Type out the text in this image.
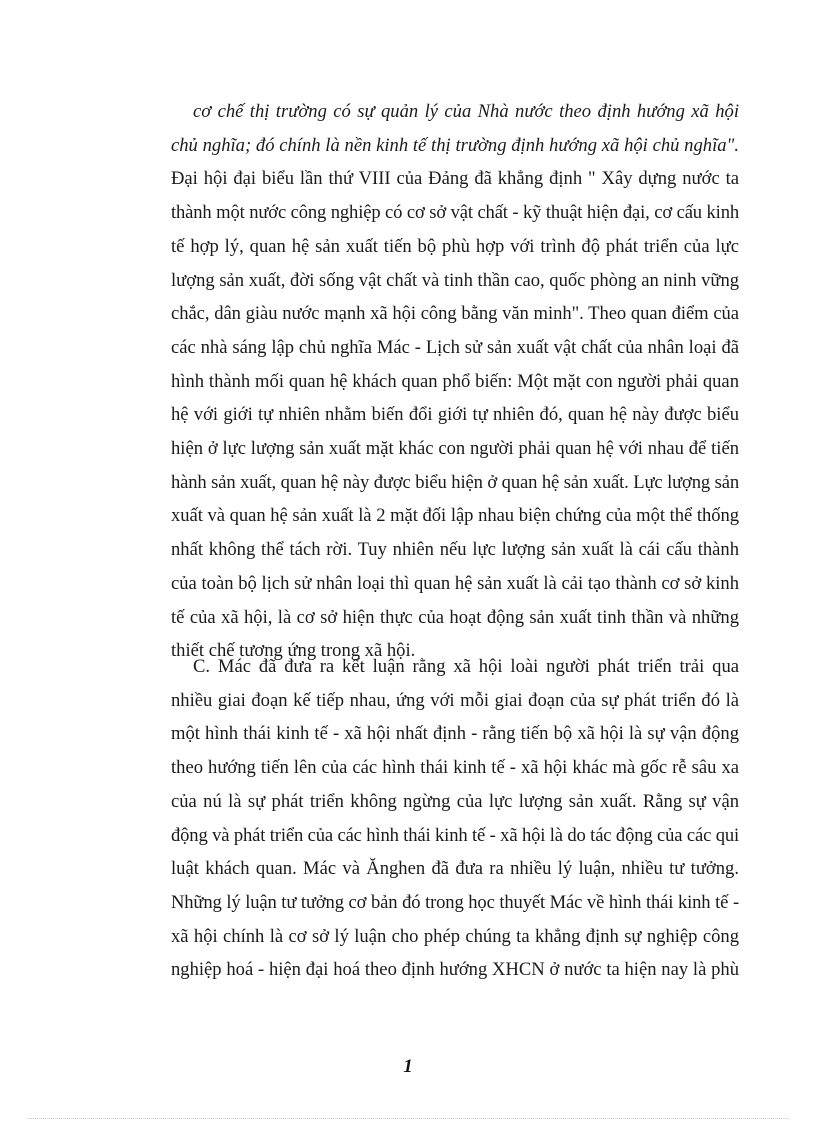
cơ chế thị trường có sự quản lý của Nhà nước theo định hướng xã hội
chủ nghĩa; đó chính là nền kinh tế thị trường định hướng xã hội chủ nghĩa".
Đại hội đại biểu lần thứ VIII của Đảng đã khẳng định " Xây dựng nước ta
thành một nước công nghiệp có cơ sở vật chất - kỹ thuật hiện đại, cơ cấu kinh
tế hợp lý, quan hệ sản xuất tiến bộ phù hợp với trình độ phát triển của lực
lượng sản xuất, đời sống vật chất và tinh thần cao, quốc phòng an ninh vững
chắc, dân giàu nước mạnh xã hội công bằng văn minh". Theo quan điểm của
các nhà sáng lập chủ nghĩa Mác - Lịch sử sản xuất vật chất của nhân loại đã
hình thành mối quan hệ khách quan phổ biến: Một mặt con người phải quan
hệ với giới tự nhiên nhằm biến đổi giới tự nhiên đó, quan hệ này được biểu
hiện ở lực lượng sản xuất mặt khác con người phải quan hệ với nhau để tiến
hành sản xuất, quan hệ này được biểu hiện ở quan hệ sản xuất. Lực lượng sản
xuất và quan hệ sản xuất là 2 mặt đối lập nhau biện chứng của một thể thống
nhất không thể tách rời. Tuy nhiên nếu lực lượng sản xuất là cái cấu thành
của toàn bộ lịch sử nhân loại thì quan hệ sản xuất là cải tạo thành cơ sở kinh
tế của xã hội, là cơ sở hiện thực của hoạt động sản xuất tinh thần và những
thiết chế tương ứng trong xã hội.
C. Mác đã đưa ra kết luận rằng xã hội loài người phát triển trải qua
nhiều giai đoạn kế tiếp nhau, ứng với mỗi giai đoạn của sự phát triển đó là
một hình thái kinh tế - xã hội nhất định - rằng tiến bộ xã hội là sự vận động
theo hướng tiến lên của các hình thái kinh tế - xã hội khác mà gốc rễ sâu xa
của nú là sự phát triển không ngừng của lực lượng sản xuất. Rằng sự vận
động và phát triển của các hình thái kinh tế - xã hội là do tác động của các qui
luật khách quan. Mác và Ănghen đã đưa ra nhiều lý luận, nhiều tư tưởng.
Những lý luận tư tưởng cơ bản đó trong học thuyết Mác về hình thái kinh tế -
xã hội chính là cơ sở lý luận cho phép chúng ta khẳng định sự nghiệp công
nghiệp hoá - hiện đại hoá theo định hướng XHCN ở nước ta hiện nay là phù
1
